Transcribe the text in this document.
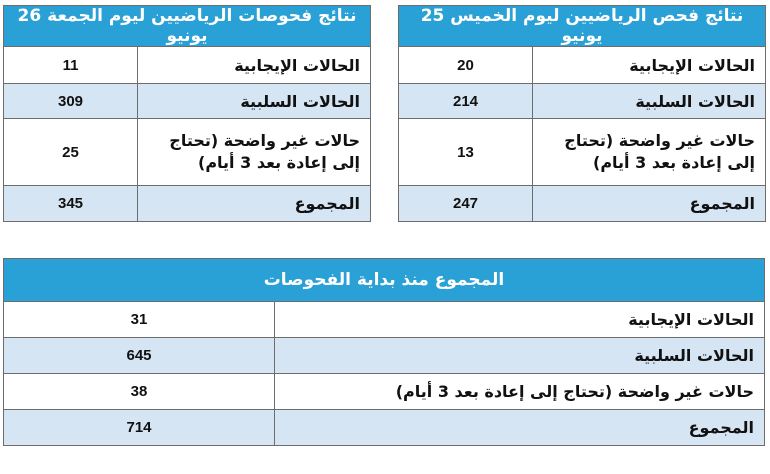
نتائج فحص الرياضيين ليوم الخميس 25 يونيو	
الحالات الإيجابية	20
الحالات السلبية	214
حالات غير واضحة (تحتاج إلى إعادة بعد 3 أيام)	13
المجموع	247
نتائج فحوصات الرياضيين ليوم الجمعة 26 يونيو	
الحالات الإيجابية	11
الحالات السلبية	309
حالات غير واضحة (تحتاج إلى إعادة بعد 3 أيام)	25
المجموع	345
المجموع منذ بداية الفحوصات	
الحالات الإيجابية	31
الحالات السلبية	645
حالات غير واضحة (تحتاج إلى إعادة بعد 3 أيام)	38
المجموع	714
